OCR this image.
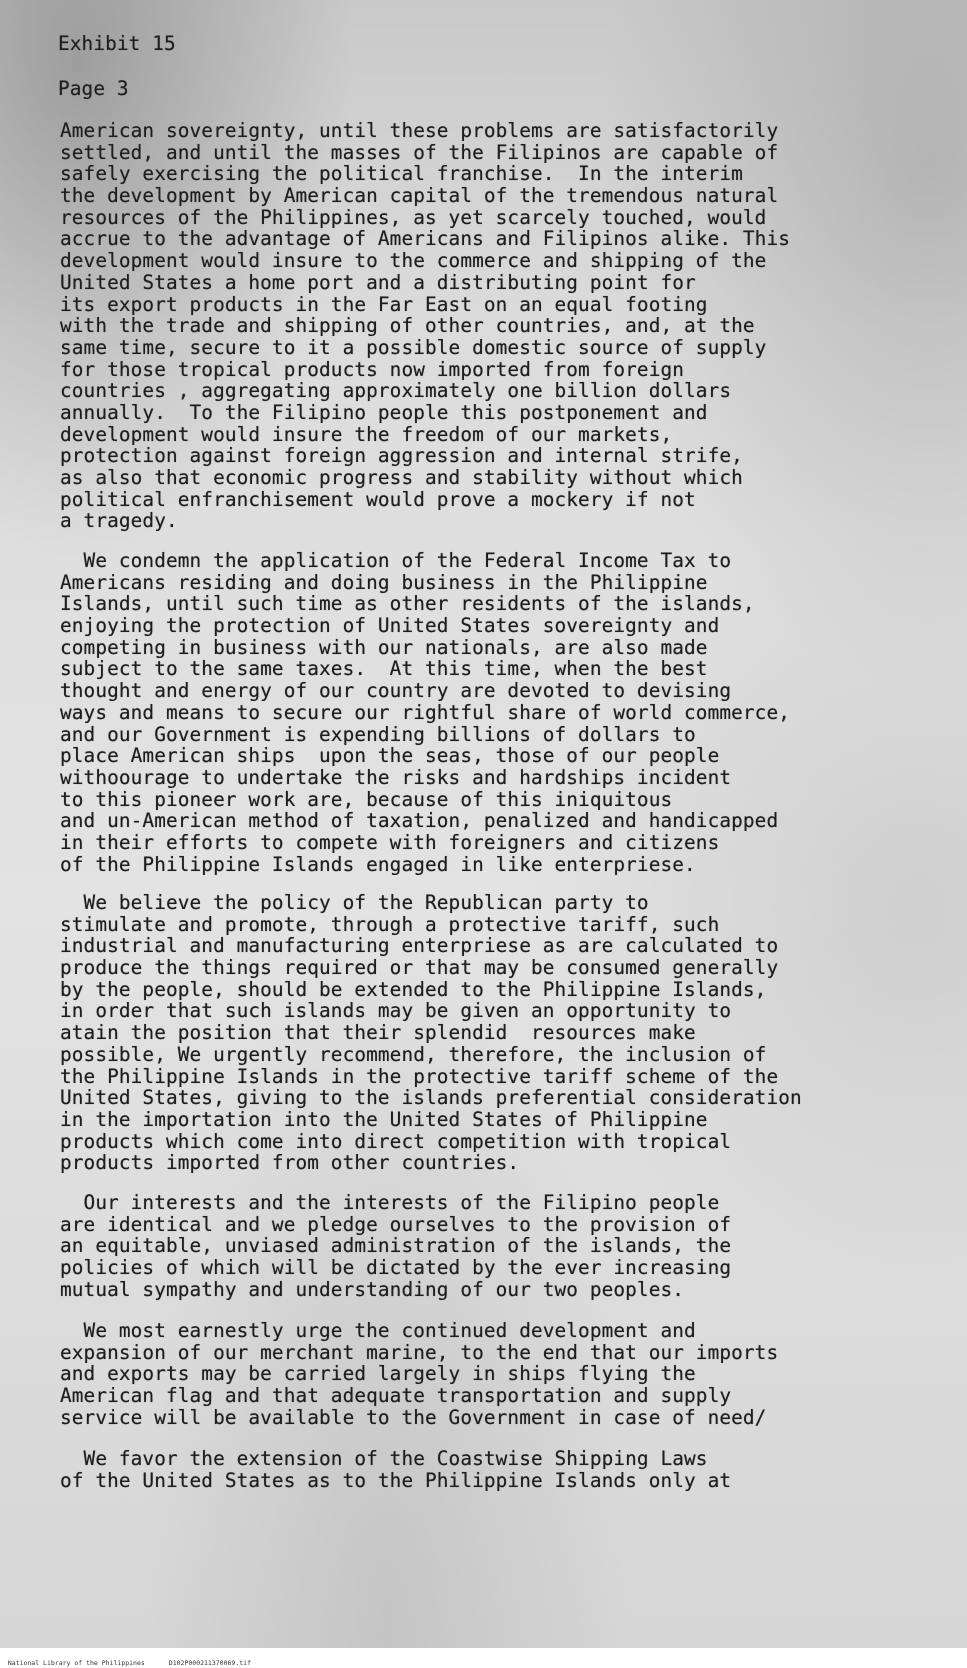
Exhibit 15
Page 3
American sovereignty, until these problems are satisfactorily
settled, and until the masses of the Filipinos are capable of
safely exercising the political franchise.  In the interim
the development by American capital of the tremendous natural
resources of the Philippines, as yet scarcely touched, would
accrue to the advantage of Americans and Filipinos alike. This
development would insure to the commerce and shipping of the
United States a home port and a distributing point for
its export products in the Far East on an equal footing
with the trade and shipping of other countries, and, at the
same time, secure to it a possible domestic source of supply
for those tropical products now imported from foreign
countries , aggregating approximately one billion dollars
annually.  To the Filipino people this postponement and
development would insure the freedom of our markets,
protection against foreign aggression and internal strife,
as also that economic progress and stability without which
political enfranchisement would prove a mockery if not
a tragedy.
We condemn the application of the Federal Income Tax to
Americans residing and doing business in the Philippine
Islands, until such time as other residents of the islands,
enjoying the protection of United States sovereignty and
competing in business with our nationals, are also made
subject to the same taxes.  At this time, when the best
thought and energy of our country are devoted to devising
ways and means to secure our rightful share of world commerce,
and our Government is expending billions of dollars to
place American ships  upon the seas, those of our people
withoourage to undertake the risks and hardships incident
to this pioneer work are, because of this iniquitous
and un-American method of taxation, penalized and handicapped
in their efforts to compete with foreigners and citizens
of the Philippine Islands engaged in like enterpriese.
We believe the policy of the Republican party to
stimulate and promote, through a protective tariff, such
industrial and manufacturing enterpriese as are calculated to
produce the things required or that may be consumed generally
by the people, should be extended to the Philippine Islands,
in order that such islands may be given an opportunity to
atain the position that their splendid  resources make
possible, We urgently recommend, therefore, the inclusion of
the Philippine Islands in the protective tariff scheme of the
United States, giving to the islands preferential consideration
in the importation into the United States of Philippine
products which come into direct competition with tropical
products imported from other countries.
Our interests and the interests of the Filipino people
are identical and we pledge ourselves to the provision of
an equitable, unviased administration of the islands, the
policies of which will be dictated by the ever increasing
mutual sympathy and understanding of our two peoples.
We most earnestly urge the continued development and
expansion of our merchant marine, to the end that our imports
and exports may be carried largely in ships flying the
American flag and that adequate transportation and supply
service will be available to the Government in case of need/
We favor the extension of the Coastwise Shipping Laws
of the United States as to the Philippine Islands only at

National Library of the Philippines	D102P000211370069.tif
